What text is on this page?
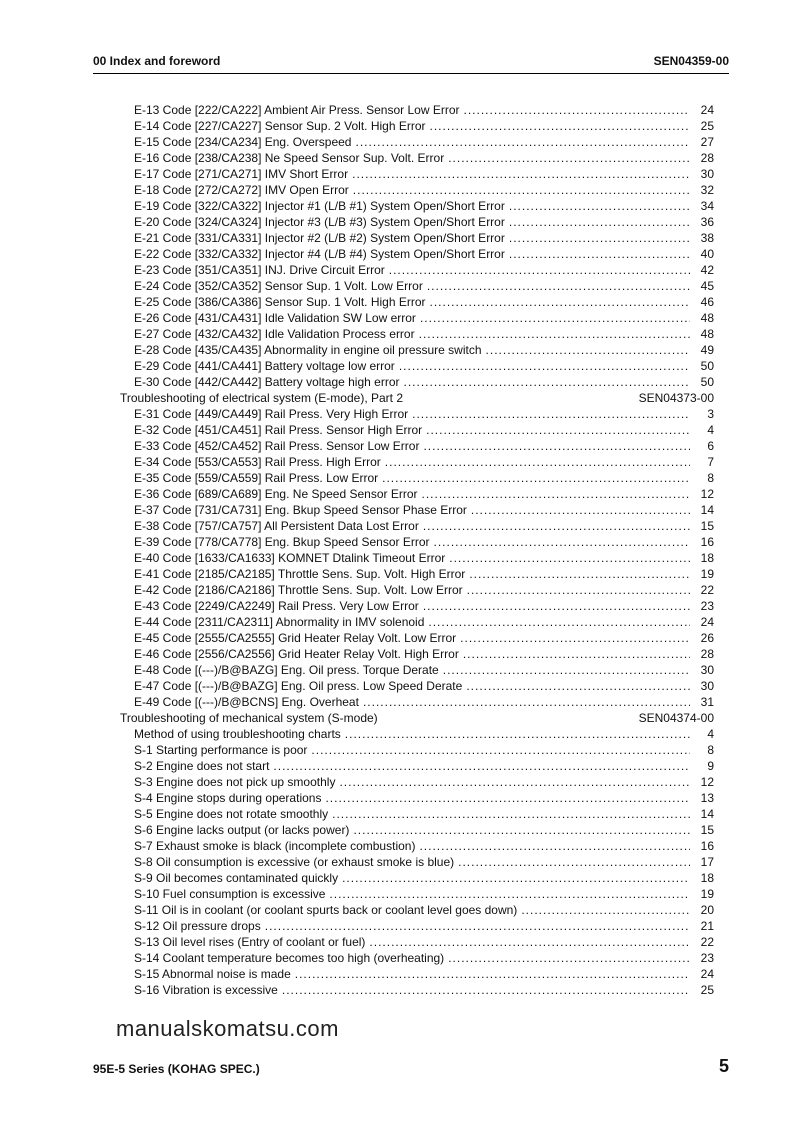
00 Index and foreword	SEN04359-00
E-13 Code [222/CA222] Ambient Air Press. Sensor Low Error .....	24
E-14 Code [227/CA227] Sensor Sup. 2 Volt. High Error .....	25
E-15 Code [234/CA234] Eng. Overspeed .....	27
E-16 Code [238/CA238] Ne Speed Sensor Sup. Volt. Error .....	28
E-17 Code [271/CA271] IMV Short Error .....	30
E-18 Code [272/CA272] IMV Open Error .....	32
E-19 Code [322/CA322] Injector #1 (L/B #1) System Open/Short Error .....	34
E-20 Code [324/CA324] Injector #3 (L/B #3) System Open/Short Error .....	36
E-21 Code [331/CA331] Injector #2 (L/B #2) System Open/Short Error .....	38
E-22 Code [332/CA332] Injector #4 (L/B #4) System Open/Short Error .....	40
E-23 Code [351/CA351] INJ. Drive Circuit Error .....	42
E-24 Code [352/CA352] Sensor Sup. 1 Volt. Low Error .....	45
E-25 Code [386/CA386] Sensor Sup. 1 Volt. High Error .....	46
E-26 Code [431/CA431] Idle Validation SW Low error .....	48
E-27 Code [432/CA432] Idle Validation Process error .....	48
E-28 Code [435/CA435] Abnormality in engine oil pressure switch .....	49
E-29 Code [441/CA441] Battery voltage low error .....	50
E-30 Code [442/CA442] Battery voltage high error .....	50
Troubleshooting of electrical system (E-mode), Part 2	SEN04373-00
E-31 Code [449/CA449] Rail Press. Very High Error .....	3
E-32 Code [451/CA451] Rail Press. Sensor High Error .....	4
E-33 Code [452/CA452] Rail Press. Sensor Low Error .....	6
E-34 Code [553/CA553] Rail Press. High Error .....	7
E-35 Code [559/CA559] Rail Press. Low Error .....	8
E-36 Code [689/CA689] Eng. Ne Speed Sensor Error .....	12
E-37 Code [731/CA731] Eng. Bkup Speed Sensor Phase Error .....	14
E-38 Code [757/CA757] All Persistent Data Lost Error .....	15
E-39 Code [778/CA778] Eng. Bkup Speed Sensor Error .....	16
E-40 Code [1633/CA1633] KOMNET Dtalink Timeout Error .....	18
E-41 Code [2185/CA2185] Throttle Sens. Sup. Volt. High Error .....	19
E-42 Code [2186/CA2186] Throttle Sens. Sup. Volt. Low Error .....	22
E-43 Code [2249/CA2249] Rail Press. Very Low Error .....	23
E-44 Code [2311/CA2311] Abnormality in IMV solenoid .....	24
E-45 Code [2555/CA2555] Grid Heater Relay Volt. Low Error .....	26
E-46 Code [2556/CA2556] Grid Heater Relay Volt. High Error .....	28
E-48 Code [(---)/B@BAZG] Eng. Oil press. Torque Derate .....	30
E-47 Code [(---)/B@BAZG] Eng. Oil press. Low Speed Derate .....	30
E-49 Code [(---)/B@BCNS] Eng. Overheat .....	31
Troubleshooting of mechanical system (S-mode)	SEN04374-00
Method of using troubleshooting charts .....	4
S-1 Starting performance is poor .....	8
S-2 Engine does not start .....	9
S-3 Engine does not pick up smoothly .....	12
S-4 Engine stops during operations .....	13
S-5 Engine does not rotate smoothly .....	14
S-6 Engine lacks output (or lacks power) .....	15
S-7 Exhaust smoke is black (incomplete combustion) .....	16
S-8 Oil consumption is excessive (or exhaust smoke is blue) .....	17
S-9 Oil becomes contaminated quickly .....	18
S-10 Fuel consumption is excessive .....	19
S-11 Oil is in coolant (or coolant spurts back or coolant level goes down) .....	20
S-12 Oil pressure drops .....	21
S-13 Oil level rises (Entry of coolant or fuel) .....	22
S-14 Coolant temperature becomes too high (overheating) .....	23
S-15 Abnormal noise is made .....	24
S-16 Vibration is excessive .....	25
manualskomatsu.com
95E-5 Series (KOHAG SPEC.)	5
